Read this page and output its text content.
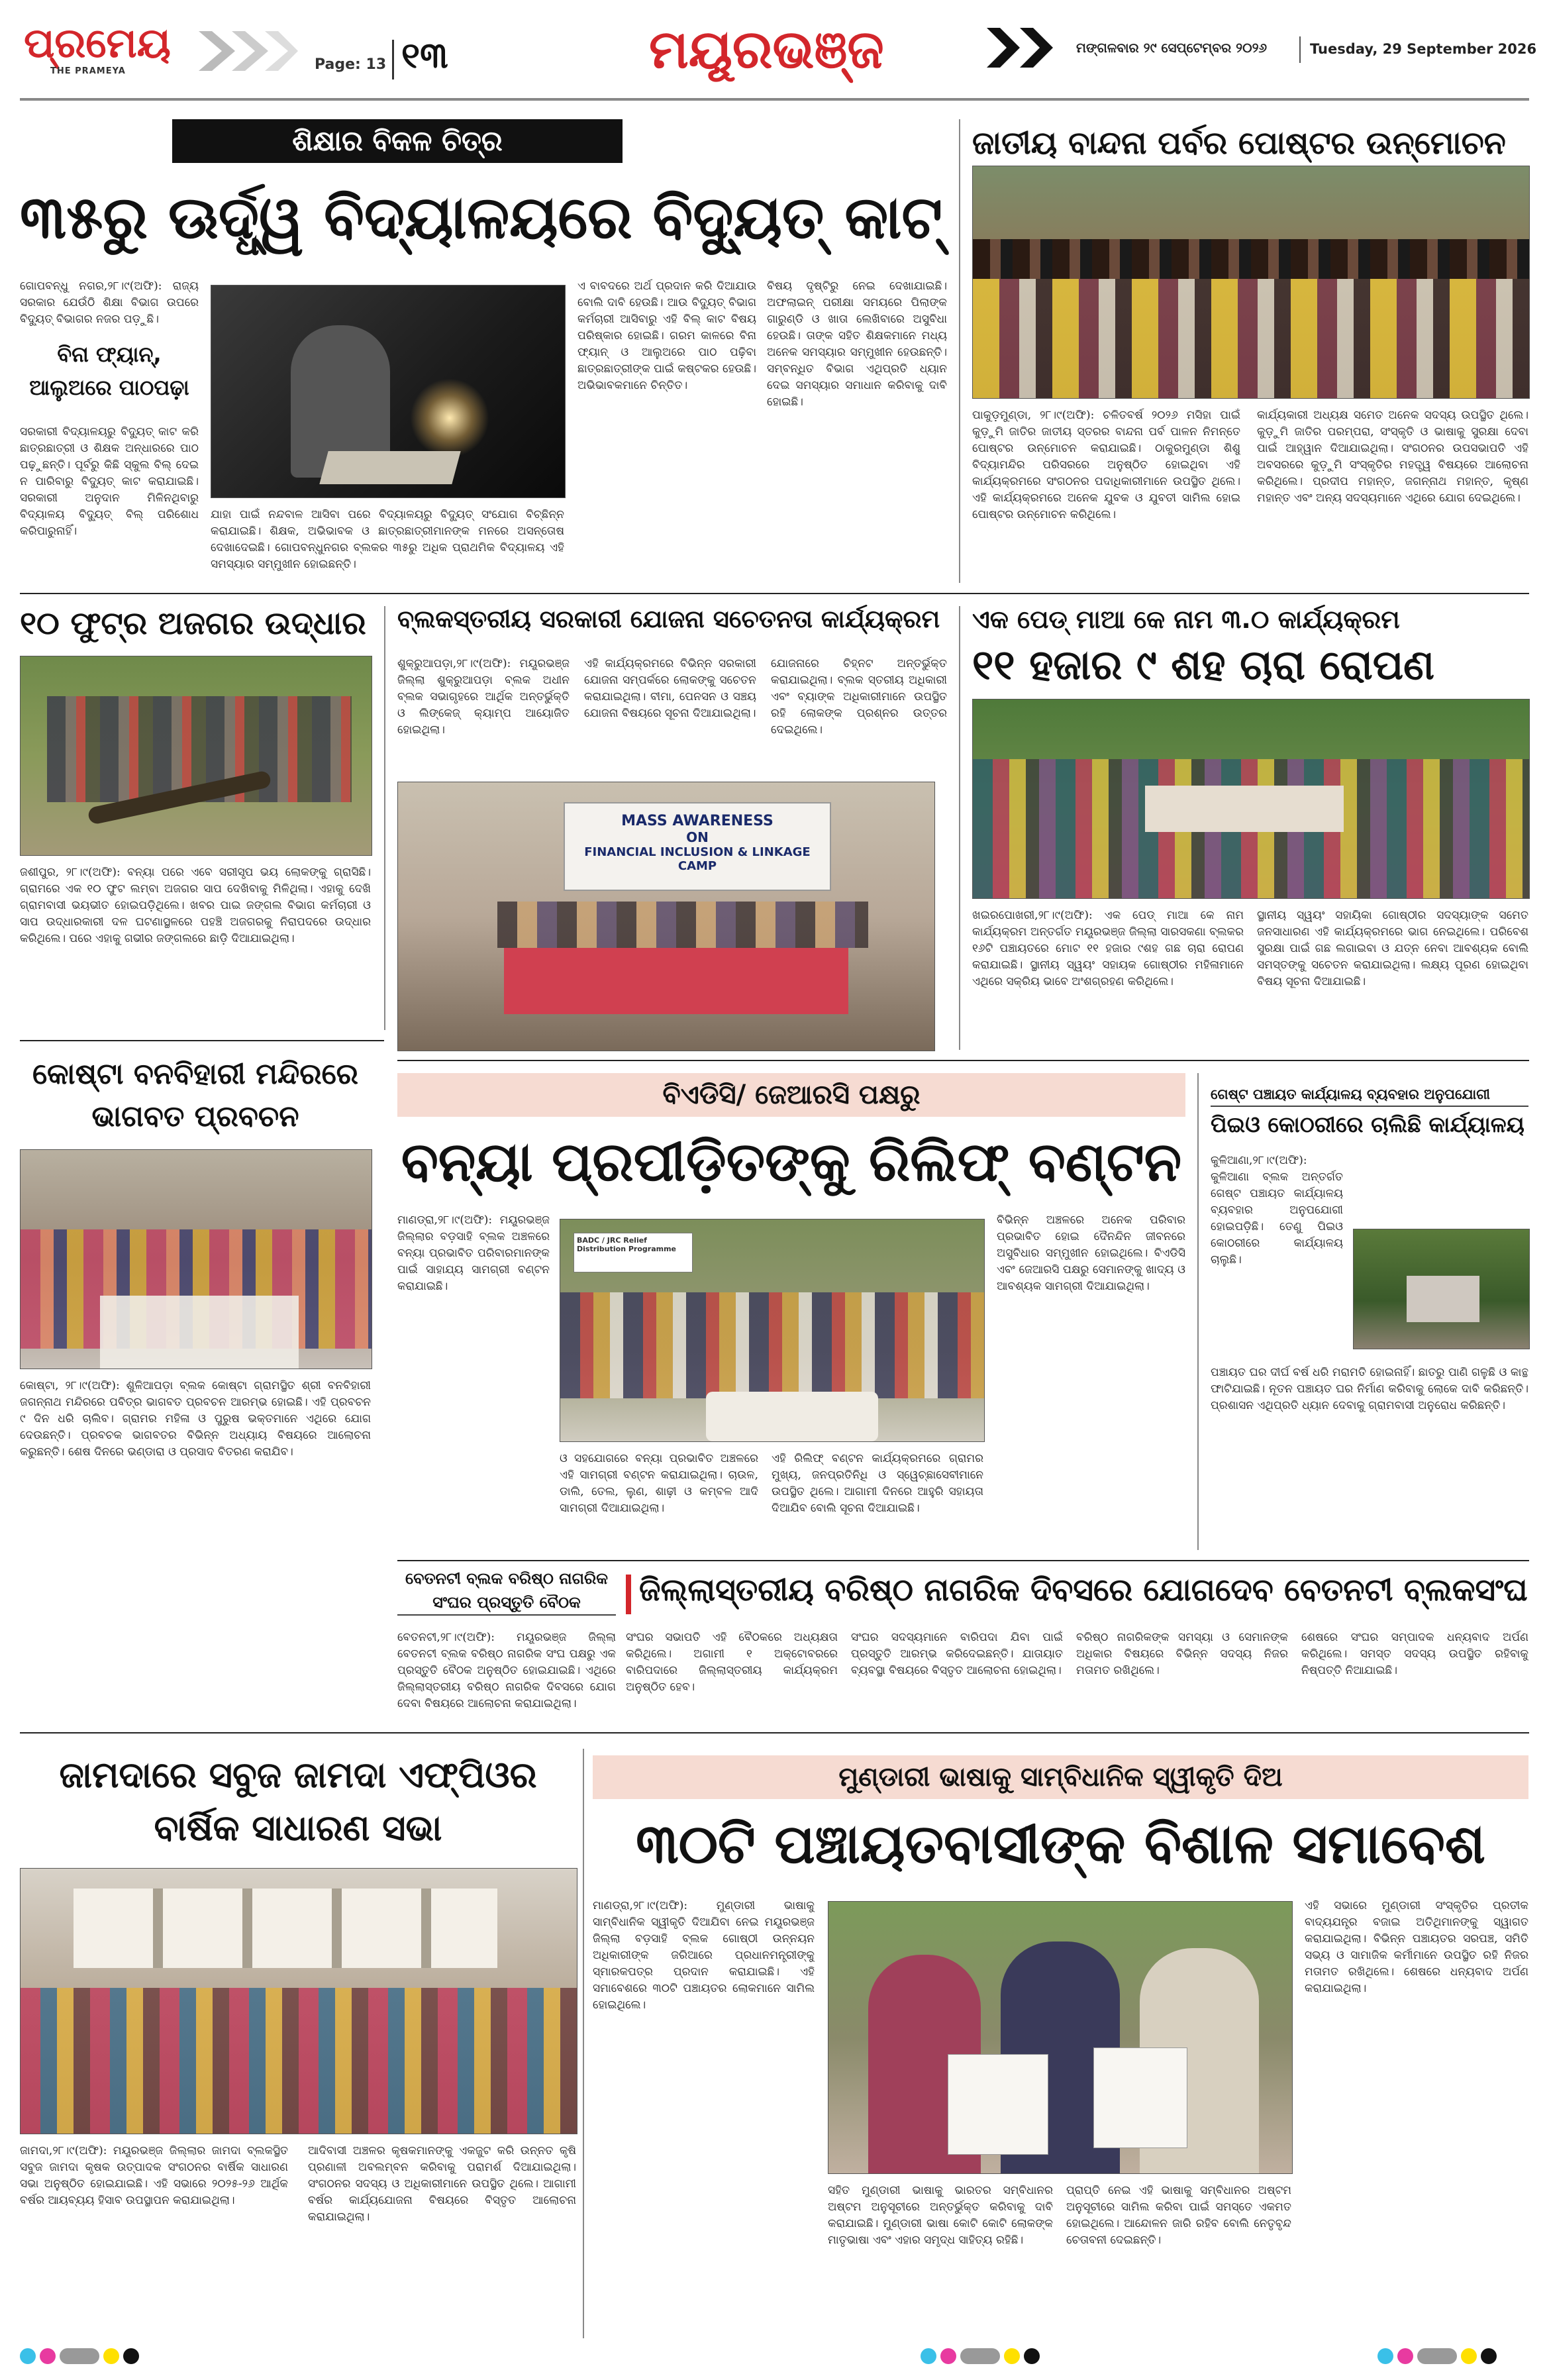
ପ୍ରମେୟ
THE PRAMEYA	Page: 13 ୧୩	ମୟୂରଭଞ୍ଜ	ମଙ୍ଗଳବାର ୨୯ ସେପ୍ଟେମ୍ବର ୨୦୨୬	Tuesday, 29 September 2026
ଶିକ୍ଷାର ବିକଳ ଚିତ୍ର
୩୫ରୁ ଊର୍ଦ୍ଧ୍ୱ ବିଦ୍ୟାଳୟରେ ବିଦ୍ୟୁତ୍ କାଟ୍
ଗୋପବନ୍ଧୁ ନଗର,୨୮।୯(ଅଫି): ରାଜ୍ୟ ସରକାର ଯେଉଁଠି ଶିକ୍ଷା ବିଭାଗ ଉପରେ ବିଦ୍ୟୁତ୍ ବିଭାଗର ନଜର ପଡ଼ୁଛି।
ବିନା ଫ୍ୟାନ୍, ଆଲୁଅରେ ପାଠପଢ଼ା
ସରକାରୀ ବିଦ୍ୟାଳୟରୁ ବିଦ୍ୟୁତ୍ କାଟ କରି ଛାତ୍ରଛାତ୍ରୀ ଓ ଶିକ୍ଷକ ଅନ୍ଧାରରେ ପାଠ ପଢ଼ୁଛନ୍ତି। ପୂର୍ବରୁ କିଛି ସ୍କୁଲ ବିଲ୍ ଦେଇ ନ ପାରିବାରୁ ବିଦ୍ୟୁତ୍ କାଟ କରାଯାଇଛି। ସରକାରୀ ଅନୁଦାନ ମିଳିନଥିବାରୁ ବିଦ୍ୟାଳୟ ବିଦ୍ୟୁତ୍ ବିଲ୍ ପରିଶୋଧ କରିପାରୁନାହିଁ।
ଯାହା ପାଇଁ ନନ୍ଦବାଳ ଆସିବା ପରେ ବିଦ୍ୟାଳୟରୁ ବିଦ୍ୟୁତ୍ ସଂଯୋଗ ବିଚ୍ଛିନ୍ନ କରାଯାଇଛି। ଶିକ୍ଷକ, ଅଭିଭାବକ ଓ ଛାତ୍ରଛାତ୍ରୀମାନଙ୍କ ମନରେ ଅସନ୍ତୋଷ ଦେଖାଦେଇଛି। ଗୋପବନ୍ଧୁନଗର ବ୍ଲକର ୩୫ରୁ ଅଧିକ ପ୍ରାଥମିକ ବିଦ୍ୟାଳୟ ଏହି ସମସ୍ୟାର ସମ୍ମୁଖୀନ ହୋଇଛନ୍ତି।
ଏ ବାବଦରେ ଅର୍ଥ ପ୍ରଦାନ କରି ଦିଆଯାଉ ବୋଲି ଦାବି ହେଉଛି। ଆଉ ବିଦ୍ୟୁତ୍ ବିଭାଗ କର୍ମଚାରୀ ଆସିବାରୁ ଏହି ବିଲ୍ କାଟ ବିଷୟ ପରିଷ୍କାର ହୋଇଛି। ଗରମ କାଳରେ ବିନା ଫ୍ୟାନ୍ ଓ ଆଲୁଅରେ ପାଠ ପଢ଼ିବା ଛାତ୍ରଛାତ୍ରୀଙ୍କ ପାଇଁ କଷ୍ଟକର ହେଉଛି। ଅଭିଭାବକମାନେ ଚିନ୍ତିତ।
ବିଷୟ ଦୃଷ୍ଟିରୁ ନେଇ ଦେଖାଯାଇଛି। ଅଫଲାଇନ୍ ପରୀକ୍ଷା ସମୟରେ ପିଲାଙ୍କ ଗାରୁଣ୍ଡି ଓ ଖାତା ଲେଖିବାରେ ଅସୁବିଧା ହେଉଛି। ତାଙ୍କ ସହିତ ଶିକ୍ଷକମାନେ ମଧ୍ୟ ଅନେକ ସମସ୍ୟାର ସମ୍ମୁଖୀନ ହେଉଛନ୍ତି। ସମ୍ବନ୍ଧିତ ବିଭାଗ ଏଥିପ୍ରତି ଧ୍ୟାନ ଦେଇ ସମସ୍ୟାର ସମାଧାନ କରିବାକୁ ଦାବି ହୋଇଛି।
ଜାତୀୟ ବାନ୍ଦନା ପର୍ବର ପୋଷ୍ଟର ଉନ୍ମୋଚନ
ପାକୁଡ଼ମୁଣ୍ଡା, ୨୮।୯(ଅଫି): ଚଳିତବର୍ଷ ୨୦୨୬ ମସିହା ପାଇଁ କୁଡ଼ୁମି ଜାତିର ଜାତୀୟ ସ୍ତରର ବାନ୍ଦନା ପର୍ବ ପାଳନ ନିମନ୍ତେ ପୋଷ୍ଟର ଉନ୍ମୋଚନ କରାଯାଇଛି। ଠାକୁରମୁଣ୍ଡା ଶିଶୁ ବିଦ୍ୟାମନ୍ଦିର ପରିସରରେ ଅନୁଷ୍ଠିତ ହୋଇଥିବା ଏହି କାର୍ଯ୍ୟକ୍ରମରେ ସଂଗଠନର ପଦାଧିକାରୀମାନେ ଉପସ୍ଥିତ ଥିଲେ। ଏହି କାର୍ଯ୍ୟକ୍ରମରେ ଅନେକ ଯୁବକ ଓ ଯୁବତୀ ସାମିଲ ହୋଇ ପୋଷ୍ଟର ଉନ୍ମୋଚନ କରିଥିଲେ।
କାର୍ଯ୍ୟକାରୀ ଅଧ୍ୟକ୍ଷ ସମେତ ଅନେକ ସଦସ୍ୟ ଉପସ୍ଥିତ ଥିଲେ। କୁଡ଼ୁମି ଜାତିର ପରମ୍ପରା, ସଂସ୍କୃତି ଓ ଭାଷାକୁ ସୁରକ୍ଷା ଦେବା ପାଇଁ ଆହ୍ୱାନ ଦିଆଯାଇଥିଲା। ସଂଗଠନର ଉପସଭାପତି ଏହି ଅବସରରେ କୁଡ଼ୁମି ସଂସ୍କୃତିର ମହତ୍ତ୍ୱ ବିଷୟରେ ଆଲୋଚନା କରିଥିଲେ। ପ୍ରଦୀପ ମହାନ୍ତ, ଜଗନ୍ନାଥ ମହାନ୍ତ, କୃଷ୍ଣ ମହାନ୍ତ ଏବଂ ଅନ୍ୟ ସଦସ୍ୟମାନେ ଏଥିରେ ଯୋଗ ଦେଇଥିଲେ।
୧୦ ଫୁଟ୍‌ର ଅଜଗର ଉଦ୍ଧାର
ଜଶୀପୁର, ୨୮।୯(ଅଫି): ବନ୍ୟା ପରେ ଏବେ ସରୀସୃପ ଭୟ ଲୋକଙ୍କୁ ଗ୍ରାସିଛି। ଗ୍ରାମରେ ଏକ ୧୦ ଫୁଟ ଲମ୍ବା ଅଜଗର ସାପ ଦେଖିବାକୁ ମିଳିଥିଲା। ଏହାକୁ ଦେଖି ଗ୍ରାମବାସୀ ଭୟଭୀତ ହୋଇପଡ଼ିଥିଲେ। ଖବର ପାଇ ଜଙ୍ଗଲ ବିଭାଗ କର୍ମଚାରୀ ଓ ସାପ ଉଦ୍ଧାରକାରୀ ଦଳ ଘଟଣାସ୍ଥଳରେ ପହଞ୍ଚି ଅଜଗରକୁ ନିରାପଦରେ ଉଦ୍ଧାର କରିଥିଲେ। ପରେ ଏହାକୁ ଗଭୀର ଜଙ୍ଗଲରେ ଛାଡ଼ି ଦିଆଯାଇଥିଲା।
ବ୍ଲକସ୍ତରୀୟ ସରକାରୀ ଯୋଜନା ସଚେତନତା କାର୍ଯ୍ୟକ୍ରମ
ଶୁକ୍ରୁଆପଡ଼ା,୨୮।୯(ଅଫି): ମୟୂରଭଞ୍ଜ ଜିଲ୍ଲା ଶୁକ୍ରୁଆପଡ଼ା ବ୍ଲକ ଅଧୀନ ବ୍ଲକ ସଭାଗୃହରେ ଆର୍ଥିକ ଅନ୍ତର୍ଭୁକ୍ତି ଓ ଲିଙ୍କେଜ୍ କ୍ୟାମ୍ପ ଆୟୋଜିତ ହୋଇଥିଲା।
ଏହି କାର୍ଯ୍ୟକ୍ରମରେ ବିଭିନ୍ନ ସରକାରୀ ଯୋଜନା ସମ୍ପର୍କରେ ଲୋକଙ୍କୁ ସଚେତନ କରାଯାଇଥିଲା। ବୀମା, ପେନସନ ଓ ସଞ୍ଚୟ ଯୋଜନା ବିଷୟରେ ସୂଚନା ଦିଆଯାଇଥିଲା।
ଯୋଜନାରେ ଚିହ୍ନଟ ଅନ୍ତର୍ଭୁକ୍ତ କରାଯାଇଥିଲା। ବ୍ଲକ ସ୍ତରୀୟ ଅଧିକାରୀ ଏବଂ ବ୍ୟାଙ୍କ ଅଧିକାରୀମାନେ ଉପସ୍ଥିତ ରହି ଲୋକଙ୍କ ପ୍ରଶ୍ନର ଉତ୍ତର ଦେଇଥିଲେ।
MASS AWARENESS
ON
FINANCIAL INCLUSION & LINKAGE CAMP
ଏକ ପେଡ୍ ମାଆ କେ ନାମ ୩.୦ କାର୍ଯ୍ୟକ୍ରମ
୧୧ ହଜାର ୯ ଶହ ଚାରା ରୋପଣ
ଖଇରପୋଖରୀ,୨୮।୯(ଅଫି): ଏକ ପେଡ୍ ମାଆ କେ ନାମ କାର୍ଯ୍ୟକ୍ରମ ଅନ୍ତର୍ଗତ ମୟୂରଭଞ୍ଜ ଜିଲ୍ଲା ସାରସକଣା ବ୍ଲକର ୧୬ଟି ପଞ୍ଚାୟତରେ ମୋଟ ୧୧ ହଜାର ୯ଶହ ଗଛ ଚାରା ରୋପଣ କରାଯାଇଛି। ସ୍ଥାନୀୟ ସ୍ୱୟଂ ସହାୟକ ଗୋଷ୍ଠୀର ମହିଳାମାନେ ଏଥିରେ ସକ୍ରିୟ ଭାବେ ଅଂଶଗ୍ରହଣ କରିଥିଲେ।
ସ୍ଥାନୀୟ ସ୍ୱୟଂ ସହାୟିକା ଗୋଷ୍ଠୀର ସଦସ୍ୟାଙ୍କ ସମେତ ଜନସାଧାରଣ ଏହି କାର୍ଯ୍ୟକ୍ରମରେ ଭାଗ ନେଇଥିଲେ। ପରିବେଶ ସୁରକ୍ଷା ପାଇଁ ଗଛ ଲଗାଇବା ଓ ଯତ୍ନ ନେବା ଆବଶ୍ୟକ ବୋଲି ସମସ୍ତଙ୍କୁ ସଚେତନ କରାଯାଇଥିଲା। ଲକ୍ଷ୍ୟ ପୂରଣ ହୋଇଥିବା ବିଷୟ ସୂଚନା ଦିଆଯାଇଛି।
କୋଷ୍ଟା ବନବିହାରୀ ମନ୍ଦିରରେ ଭାଗବତ ପ୍ରବଚନ
କୋଷ୍ଟା, ୨୮।୯(ଅଫି): ଶୁଳିଆପଡ଼ା ବ୍ଲକ କୋଷ୍ଟା ଗ୍ରାମସ୍ଥିତ ଶ୍ରୀ ବନବିହାରୀ ଜଗନ୍ନାଥ ମନ୍ଦିରରେ ପବିତ୍ର ଭାଗବତ ପ୍ରବଚନ ଆରମ୍ଭ ହୋଇଛି। ଏହି ପ୍ରବଚନ ୯ ଦିନ ଧରି ଚାଲିବ। ଗ୍ରାମର ମହିଳା ଓ ପୁରୁଷ ଭକ୍ତମାନେ ଏଥିରେ ଯୋଗ ଦେଉଛନ୍ତି। ପ୍ରବଚକ ଭାଗବତର ବିଭିନ୍ନ ଅଧ୍ୟାୟ ବିଷୟରେ ଆଲୋଚନା କରୁଛନ୍ତି। ଶେଷ ଦିନରେ ଭଣ୍ଡାରା ଓ ପ୍ରସାଦ ବିତରଣ କରାଯିବ।
ବିଏଡିସି/ ଜେଆରସି ପକ୍ଷରୁ
ବନ୍ୟା ପ୍ରପୀଡ଼ିତଙ୍କୁ ରିଲିଫ୍ ବଣ୍ଟନ
ମାଣଡ୍ରା,୨୮।୯(ଅଫି): ମୟୂରଭଞ୍ଜ ଜିଲ୍ଲାର ବଡ଼ସାହି ବ୍ଲକ ଅଞ୍ଚଳରେ ବନ୍ୟା ପ୍ରଭାବିତ ପରିବାରମାନଙ୍କ ପାଇଁ ସାହାଯ୍ୟ ସାମଗ୍ରୀ ବଣ୍ଟନ କରାଯାଇଛି।
BADC / JRC Relief Distribution Programme
ବିଭିନ୍ନ ଅଞ୍ଚଳରେ ଅନେକ ପରିବାର ପ୍ରଭାବିତ ହୋଇ ଦୈନନ୍ଦିନ ଜୀବନରେ ଅସୁବିଧାର ସମ୍ମୁଖୀନ ହୋଇଥିଲେ। ବିଏଡିସି ଏବଂ ଜେଆରସି ପକ୍ଷରୁ ସେମାନଙ୍କୁ ଖାଦ୍ୟ ଓ ଆବଶ୍ୟକ ସାମଗ୍ରୀ ଦିଆଯାଇଥିଲା।
ଓ ସହଯୋଗରେ ବନ୍ୟା ପ୍ରଭାବିତ ଅଞ୍ଚଳରେ ଏହି ସାମଗ୍ରୀ ବଣ୍ଟନ କରାଯାଇଥିଲା। ଚାଉଳ, ଡାଲି, ତେଲ, ଲୁଣ, ଶାଢ଼ୀ ଓ କମ୍ବଳ ଆଦି ସାମଗ୍ରୀ ଦିଆଯାଇଥିଲା।
ଏହି ରିଲିଫ୍ ବଣ୍ଟନ କାର୍ଯ୍ୟକ୍ରମରେ ଗ୍ରାମର ମୁଖ୍ୟ, ଜନପ୍ରତିନିଧି ଓ ସ୍ୱେଚ୍ଛାସେବୀମାନେ ଉପସ୍ଥିତ ଥିଲେ। ଆଗାମୀ ଦିନରେ ଆହୁରି ସହାୟତା ଦିଆଯିବ ବୋଲି ସୂଚନା ଦିଆଯାଇଛି।
ଗେଷ୍ଟ ପଞ୍ଚାୟତ କାର୍ଯ୍ୟାଳୟ ବ୍ୟବହାର ଅନୁପଯୋଗୀ
ପିଇଓ କୋଠରୀରେ ଚାଲିଛି କାର୍ଯ୍ୟାଳୟ
କୁଳିଆଣା,୨୮।୯(ଅଫି): କୁଳିଆଣା ବ୍ଲକ ଅନ୍ତର୍ଗତ ଗେଷ୍ଟ ପଞ୍ଚାୟତ କାର୍ଯ୍ୟାଳୟ ବ୍ୟବହାର ଅନୁପଯୋଗୀ ହୋଇପଡ଼ିଛି। ତେଣୁ ପିଇଓ କୋଠରୀରେ କାର୍ଯ୍ୟାଳୟ ଚାଲୁଛି।
ପଞ୍ଚାୟତ ଘର ଦୀର୍ଘ ବର୍ଷ ଧରି ମରାମତି ହୋଇନାହିଁ। ଛାତରୁ ପାଣି ଗଳୁଛି ଓ କାନ୍ଥ ଫାଟିଯାଇଛି। ନୂତନ ପଞ୍ଚାୟତ ଘର ନିର୍ମାଣ କରିବାକୁ ଲୋକେ ଦାବି କରିଛନ୍ତି। ପ୍ରଶାସନ ଏଥିପ୍ରତି ଧ୍ୟାନ ଦେବାକୁ ଗ୍ରାମବାସୀ ଅନୁରୋଧ କରିଛନ୍ତି।
ବେତନଟୀ ବ୍ଲକ ବରିଷ୍ଠ ନାଗରିକ ସଂଘର ପ୍ରସ୍ତୁତି ବୈଠକ	ଜିଲ୍ଲାସ୍ତରୀୟ ବରିଷ୍ଠ ନାଗରିକ ଦିବସରେ ଯୋଗଦେବ ବେତନଟୀ ବ୍ଲକସଂଘ
ବେତନଟୀ,୨୮।୯(ଅଫି): ମୟୂରଭଞ୍ଜ ଜିଲ୍ଲା ବେତନଟୀ ବ୍ଲକ ବରିଷ୍ଠ ନାଗରିକ ସଂଘ ପକ୍ଷରୁ ଏକ ପ୍ରସ୍ତୁତି ବୈଠକ ଅନୁଷ୍ଠିତ ହୋଇଯାଇଛି। ଏଥିରେ ଜିଲ୍ଲାସ୍ତରୀୟ ବରିଷ୍ଠ ନାଗରିକ ଦିବସରେ ଯୋଗ ଦେବା ବିଷୟରେ ଆଲୋଚନା କରାଯାଇଥିଲା।
ସଂଘର ସଭାପତି ଏହି ବୈଠକରେ ଅଧ୍ୟକ୍ଷତା କରିଥିଲେ। ଅଗାମୀ ୧ ଅକ୍ଟୋବରରେ ବାରିପଦାରେ ଜିଲ୍ଲାସ୍ତରୀୟ କାର୍ଯ୍ୟକ୍ରମ ଅନୁଷ୍ଠିତ ହେବ।
ସଂଘର ସଦସ୍ୟମାନେ ବାରିପଦା ଯିବା ପାଇଁ ପ୍ରସ୍ତୁତି ଆରମ୍ଭ କରିଦେଇଛନ୍ତି। ଯାତାୟାତ ବ୍ୟବସ୍ଥା ବିଷୟରେ ବିସ୍ତୃତ ଆଲୋଚନା ହୋଇଥିଲା।
ବରିଷ୍ଠ ନାଗରିକଙ୍କ ସମସ୍ୟା ଓ ସେମାନଙ୍କ ଅଧିକାର ବିଷୟରେ ବିଭିନ୍ନ ସଦସ୍ୟ ନିଜର ମତାମତ ରଖିଥିଲେ।
ଶେଷରେ ସଂଘର ସମ୍ପାଦକ ଧନ୍ୟବାଦ ଅର୍ପଣ କରିଥିଲେ। ସମସ୍ତ ସଦସ୍ୟ ଉପସ୍ଥିତ ରହିବାକୁ ନିଷ୍ପତ୍ତି ନିଆଯାଇଛି।
ଜାମଦାରେ ସବୁଜ ଜାମଦା ଏଫ୍‌ପିଓର ବାର୍ଷିକ ସାଧାରଣ ସଭା
ଜାମଦା,୨୮।୯(ଅଫି): ମୟୂରଭଞ୍ଜ ଜିଲ୍ଲାର ଜାମଦା ବ୍ଲକସ୍ଥିତ ସବୁଜ ଜାମଦା କୃଷକ ଉତ୍ପାଦକ ସଂଗଠନର ବାର୍ଷିକ ସାଧାରଣ ସଭା ଅନୁଷ୍ଠିତ ହୋଇଯାଇଛି। ଏହି ସଭାରେ ୨୦୨୫-୨୬ ଆର୍ଥିକ ବର୍ଷର ଆୟବ୍ୟୟ ହିସାବ ଉପସ୍ଥାପନ କରାଯାଇଥିଲା।
ଆଦିବାସୀ ଅଞ୍ଚଳର କୃଷକମାନଙ୍କୁ ଏକଜୁଟ କରି ଉନ୍ନତ କୃଷି ପ୍ରଣାଳୀ ଅବଲମ୍ବନ କରିବାକୁ ପରାମର୍ଶ ଦିଆଯାଇଥିଲା। ସଂଗଠନର ସଦସ୍ୟ ଓ ଅଧିକାରୀମାନେ ଉପସ୍ଥିତ ଥିଲେ। ଆଗାମୀ ବର୍ଷର କାର୍ଯ୍ୟଯୋଜନା ବିଷୟରେ ବିସ୍ତୃତ ଆଲୋଚନା କରାଯାଇଥିଲା।
ମୁଣ୍ଡାରୀ ଭାଷାକୁ ସାମ୍ବିଧାନିକ ସ୍ୱୀକୃତି ଦିଅ
୩୦ଟି ପଞ୍ଚାୟତବାସୀଙ୍କ ବିଶାଳ ସମାବେଶ
ମାଣଡ୍ରା,୨୮।୯(ଅଫି): ମୁଣ୍ଡାରୀ ଭାଷାକୁ ସାମ୍ବିଧାନିକ ସ୍ୱୀକୃତି ଦିଆଯିବା ନେଇ ମୟୂରଭଞ୍ଜ ଜିଲ୍ଲା ବଡ଼ସାହି ବ୍ଲକ ଗୋଷ୍ଠୀ ଉନ୍ନୟନ ଅଧିକାରୀଙ୍କ ଜରିଆରେ ପ୍ରଧାନମନ୍ତ୍ରୀଙ୍କୁ ସ୍ମାରକପତ୍ର ପ୍ରଦାନ କରାଯାଇଛି। ଏହି ସମାବେଶରେ ୩୦ଟି ପଞ୍ଚାୟତର ଲୋକମାନେ ସାମିଲ ହୋଇଥିଲେ।
ସହିତ ମୁଣ୍ଡାରୀ ଭାଷାକୁ ଭାରତର ସମ୍ବିଧାନର ଅଷ୍ଟମ ଅନୁସୂଚୀରେ ଅନ୍ତର୍ଭୁକ୍ତ କରିବାକୁ ଦାବି କରାଯାଇଛି। ମୁଣ୍ଡାରୀ ଭାଷା କୋଟି କୋଟି ଲୋକଙ୍କ ମାତୃଭାଷା ଏବଂ ଏହାର ସମୃଦ୍ଧ ସାହିତ୍ୟ ରହିଛି।
ପ୍ରାପ୍ତି ନେଇ ଏହି ଭାଷାକୁ ସମ୍ବିଧାନର ଅଷ୍ଟମ ଅନୁସୂଚୀରେ ସାମିଲ କରିବା ପାଇଁ ସମସ୍ତେ ଏକମତ ହୋଇଥିଲେ। ଆନ୍ଦୋଳନ ଜାରି ରହିବ ବୋଲି ନେତୃବୃନ୍ଦ ଚେତାବନୀ ଦେଇଛନ୍ତି।
ଏହି ସଭାରେ ମୁଣ୍ଡାରୀ ସଂସ୍କୃତିର ପ୍ରତୀକ ବାଦ୍ୟଯନ୍ତ୍ର ବଜାଇ ଅତିଥିମାନଙ୍କୁ ସ୍ୱାଗତ କରାଯାଇଥିଲା। ବିଭିନ୍ନ ପଞ୍ଚାୟତର ସରପଞ୍ଚ, ସମିତି ସଭ୍ୟ ଓ ସାମାଜିକ କର୍ମୀମାନେ ଉପସ୍ଥିତ ରହି ନିଜର ମତାମତ ରଖିଥିଲେ। ଶେଷରେ ଧନ୍ୟବାଦ ଅର୍ପଣ କରାଯାଇଥିଲା।
